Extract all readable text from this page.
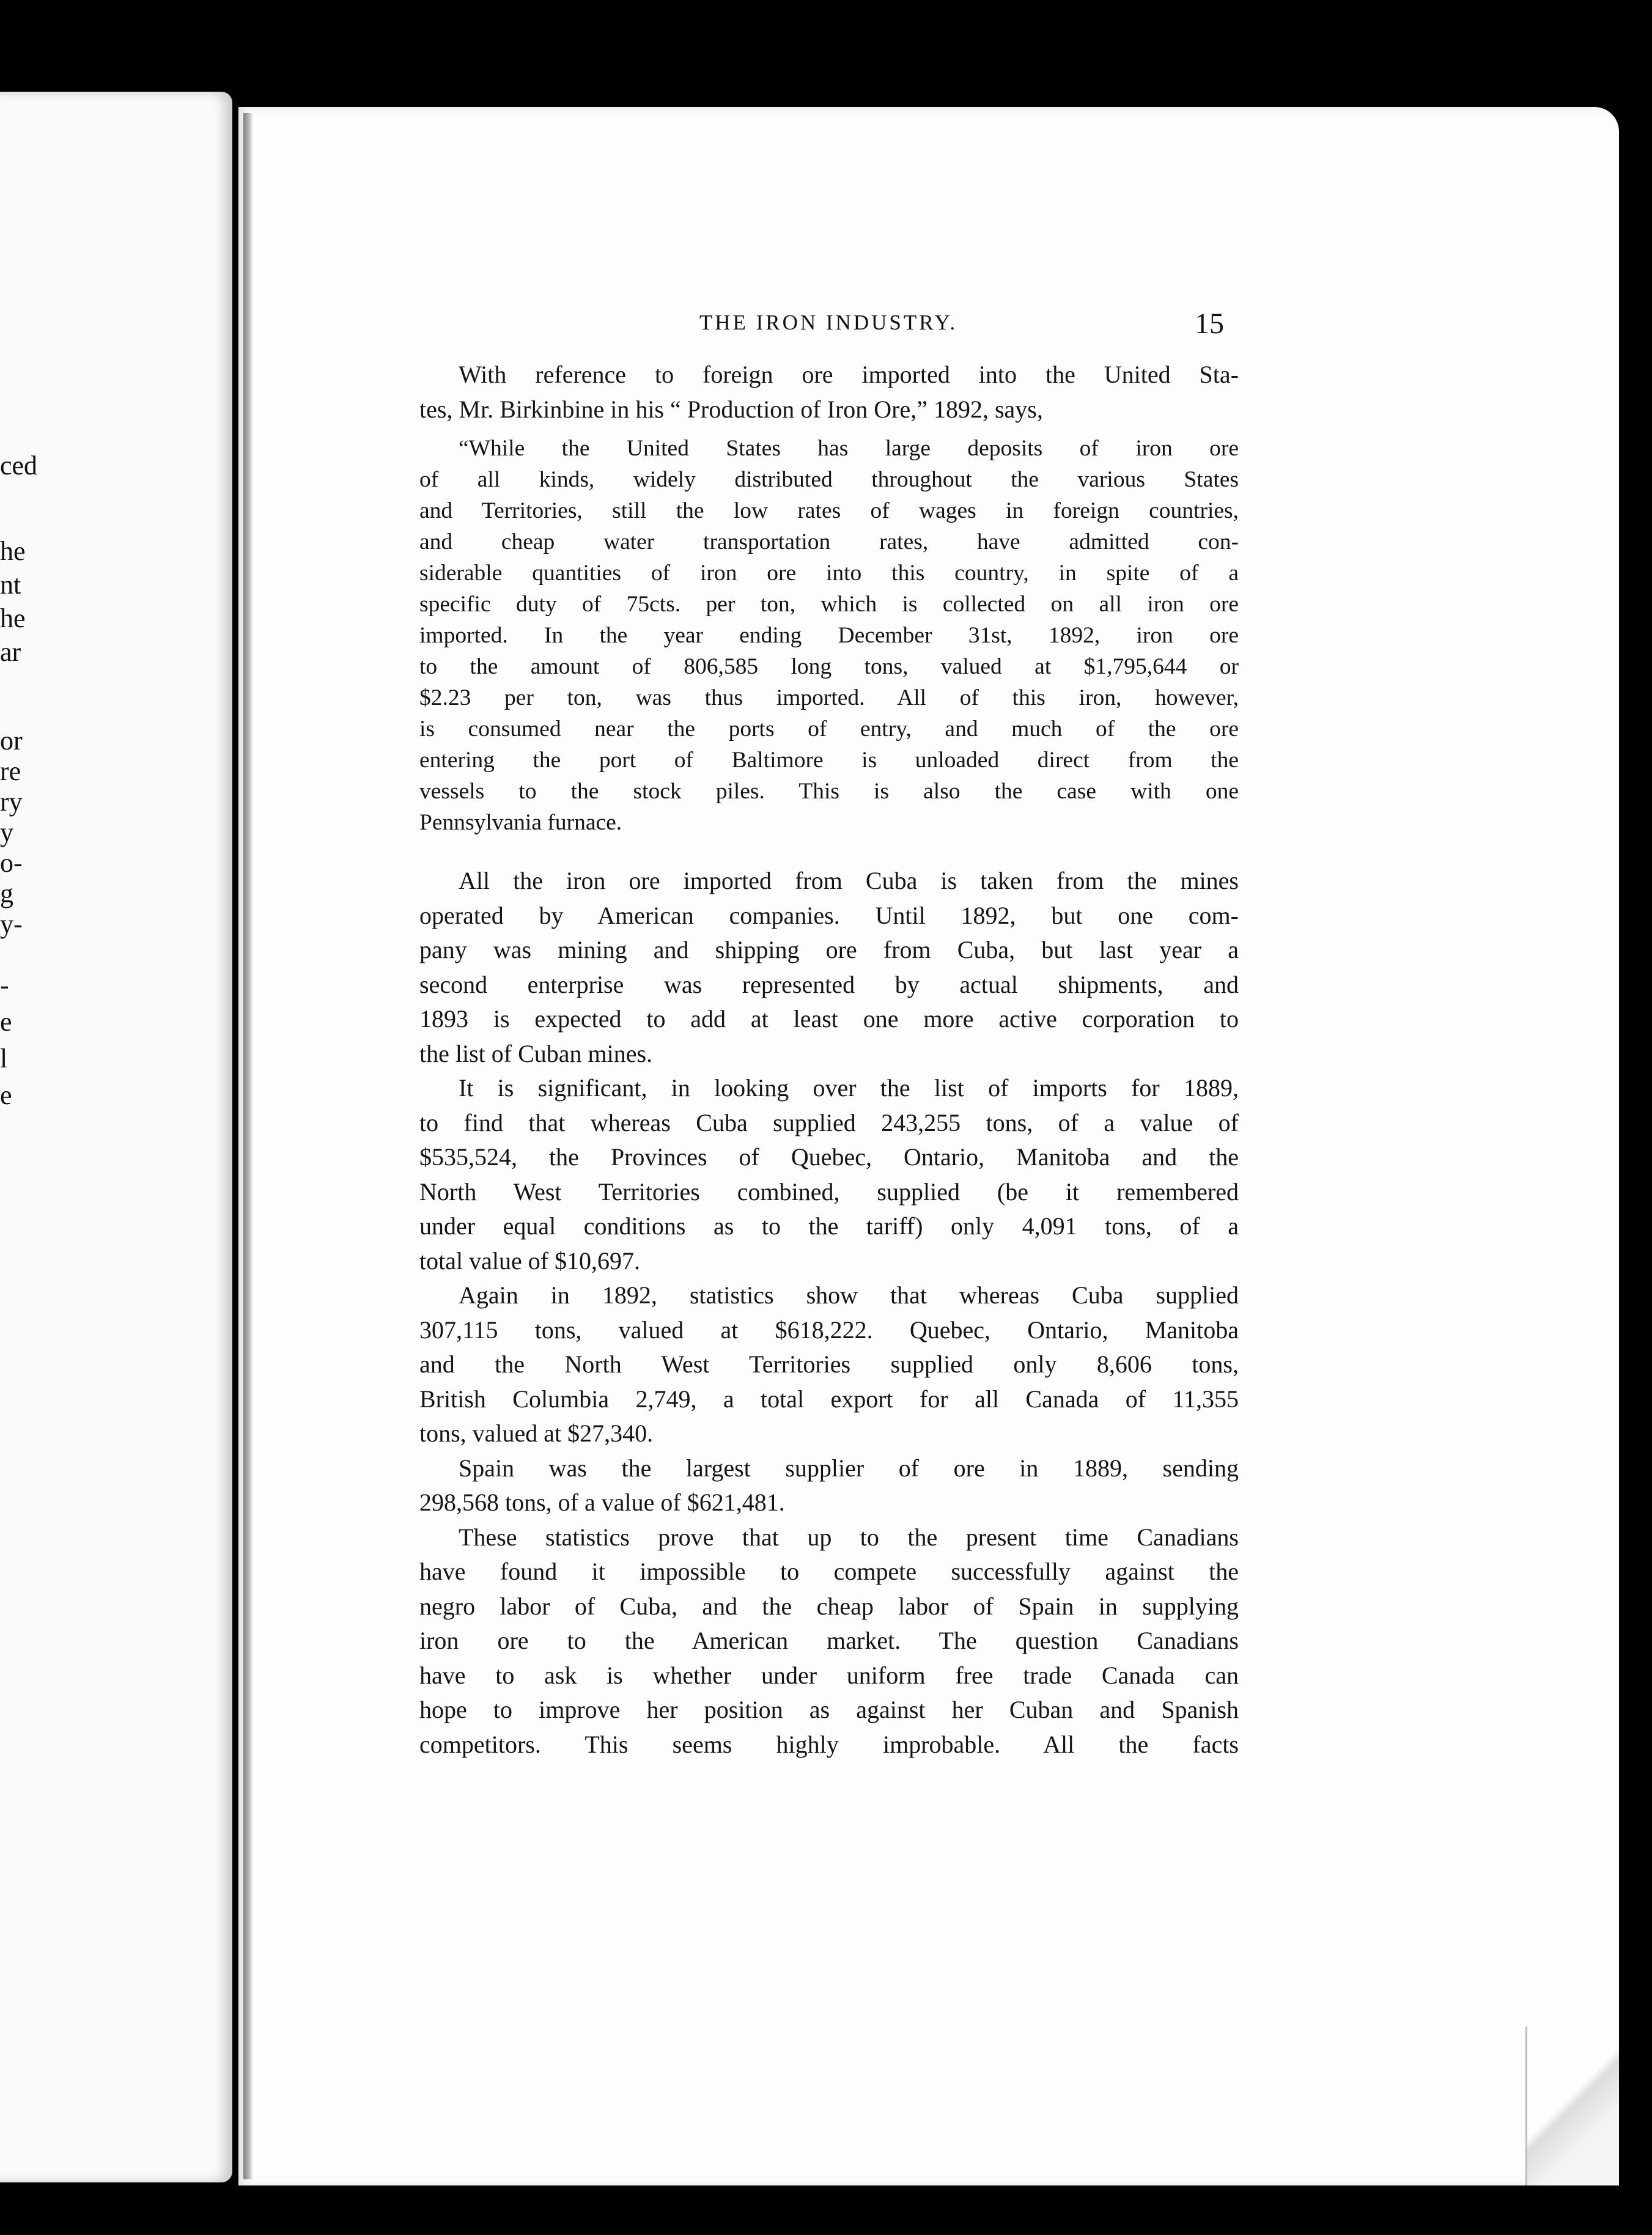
ced
he
nt
he
ar
or
re
ry
y
o-
g
y-
-
e
l
e
THE IRON INDUSTRY.	15
With reference to foreign ore imported into the United Sta-
tes, Mr. Birkinbine in his “ Production of Iron Ore,” 1892, says,
“While the United States has large deposits of iron ore
of all kinds, widely distributed throughout the various States
and Territories, still the low rates of wages in foreign countries,
and cheap water transportation rates, have admitted con-
siderable quantities of iron ore into this country, in spite of a
specific duty of 75cts. per ton, which is collected on all iron ore
imported. In the year ending December 31st, 1892, iron ore
to the amount of 806,585 long tons, valued at $1,795,644 or
$2.23 per ton, was thus imported. All of this iron, however,
is consumed near the ports of entry, and much of the ore
entering the port of Baltimore is unloaded direct from the
vessels to the stock piles. This is also the case with one
Pennsylvania furnace.
All the iron ore imported from Cuba is taken from the mines
operated by American companies. Until 1892, but one com-
pany was mining and shipping ore from Cuba, but last year a
second enterprise was represented by actual shipments, and
1893 is expected to add at least one more active corporation to
the list of Cuban mines.
It is significant, in looking over the list of imports for 1889,
to find that whereas Cuba supplied 243,255 tons, of a value of
$535,524, the Provinces of Quebec, Ontario, Manitoba and the
North West Territories combined, supplied (be it remembered
under equal conditions as to the tariff) only 4,091 tons, of a
total value of $10,697.
Again in 1892, statistics show that whereas Cuba supplied
307,115 tons, valued at $618,222. Quebec, Ontario, Manitoba
and the North West Territories supplied only 8,606 tons,
British Columbia 2,749, a total export for all Canada of 11,355
tons, valued at $27,340.
Spain was the largest supplier of ore in 1889, sending
298,568 tons, of a value of $621,481.
These statistics prove that up to the present time Canadians
have found it impossible to compete successfully against the
negro labor of Cuba, and the cheap labor of Spain in supplying
iron ore to the American market. The question Canadians
have to ask is whether under uniform free trade Canada can
hope to improve her position as against her Cuban and Spanish
competitors. This seems highly improbable. All the facts
